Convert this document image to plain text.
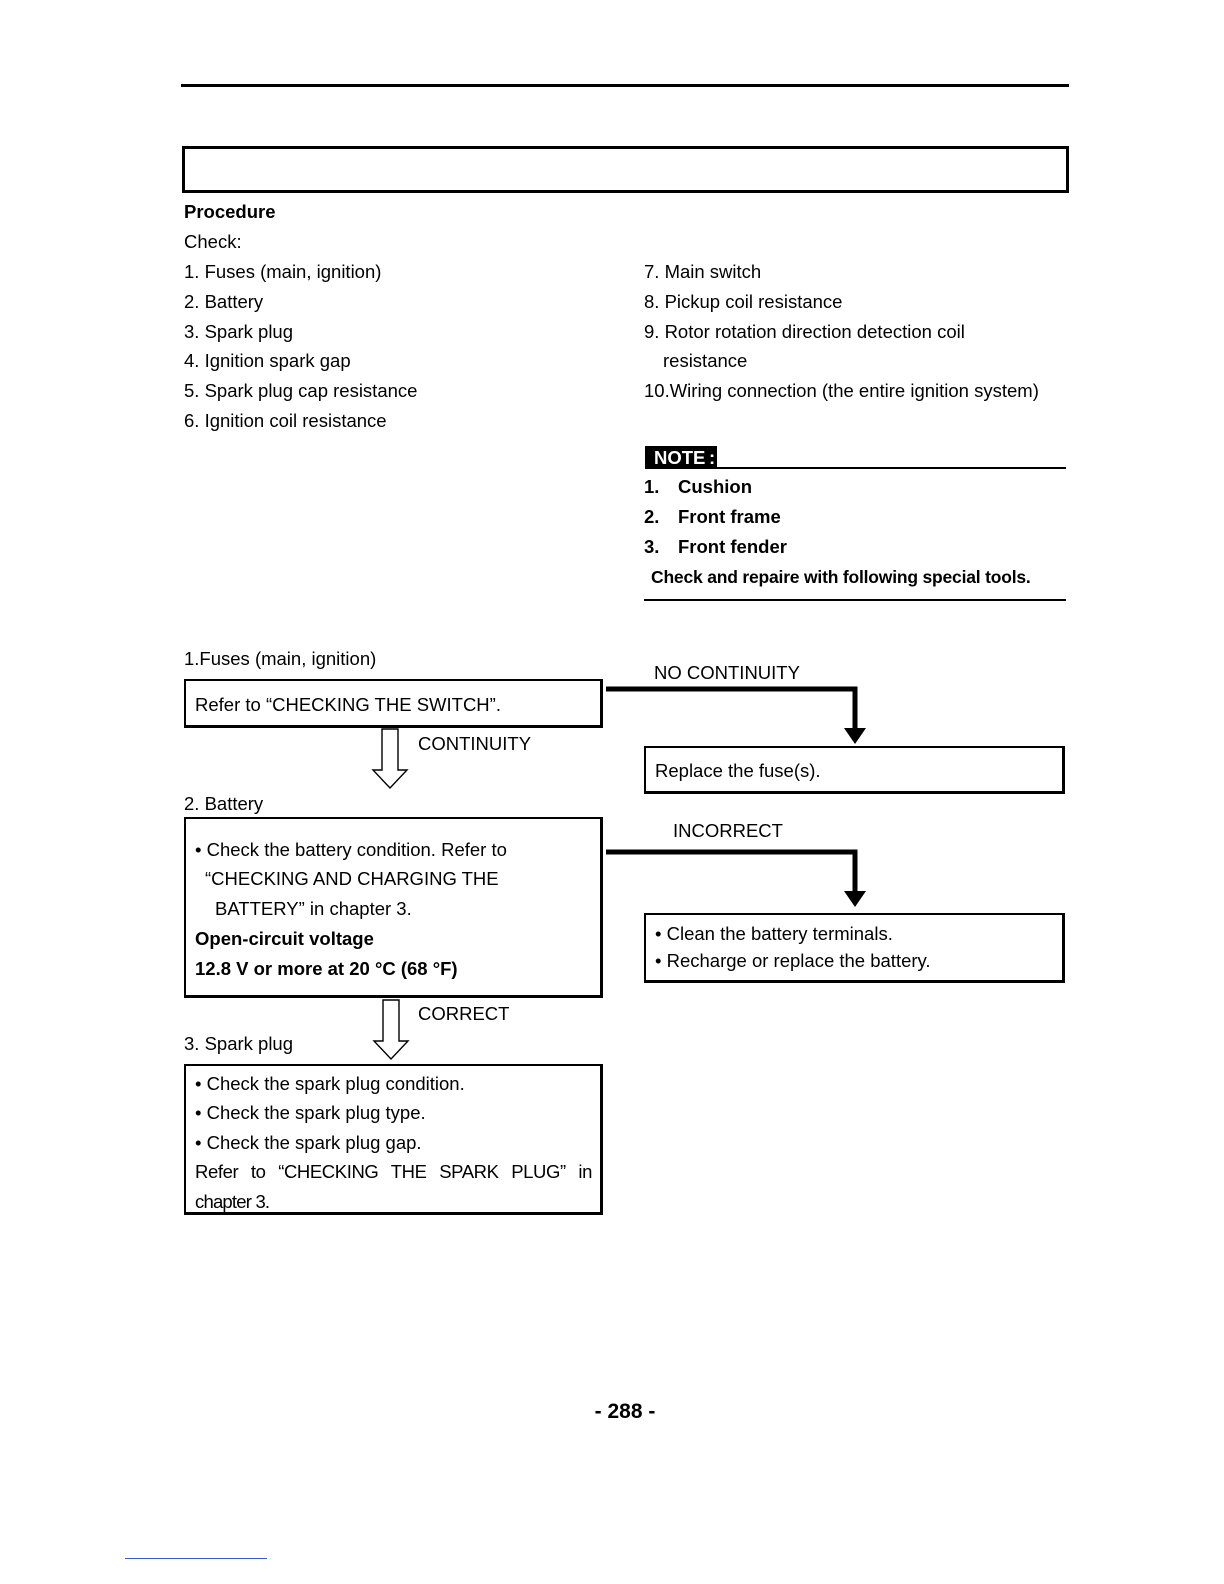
Procedure
Check:
1. Fuses (main, ignition)
2. Battery
3. Spark plug
4. Ignition spark gap
5. Spark plug cap resistance
6. Ignition coil resistance
7. Main switch
8. Pickup coil resistance
9. Rotor rotation direction detection coil
resistance
10.Wiring connection (the entire ignition system)
NOTE :
1. Cushion
2. Front frame
3. Front fender
Check and repaire with following special tools.
1.Fuses (main, ignition)
Refer to “CHECKING THE SWITCH”.
NO CONTINUITY
Replace the fuse(s).
CONTINUITY
2. Battery
• Check the battery condition. Refer to
“CHECKING AND CHARGING THE
BATTERY” in chapter 3.
Open-circuit voltage
12.8 V or more at 20 °C (68 °F)
INCORRECT
• Clean the battery terminals.
• Recharge or replace the battery.
CORRECT
3. Spark plug
• Check the spark plug condition.
• Check the spark plug type.
• Check the spark plug gap.
Refer to “CHECKING THE SPARK PLUG” in
chapter 3.
- 288 -
